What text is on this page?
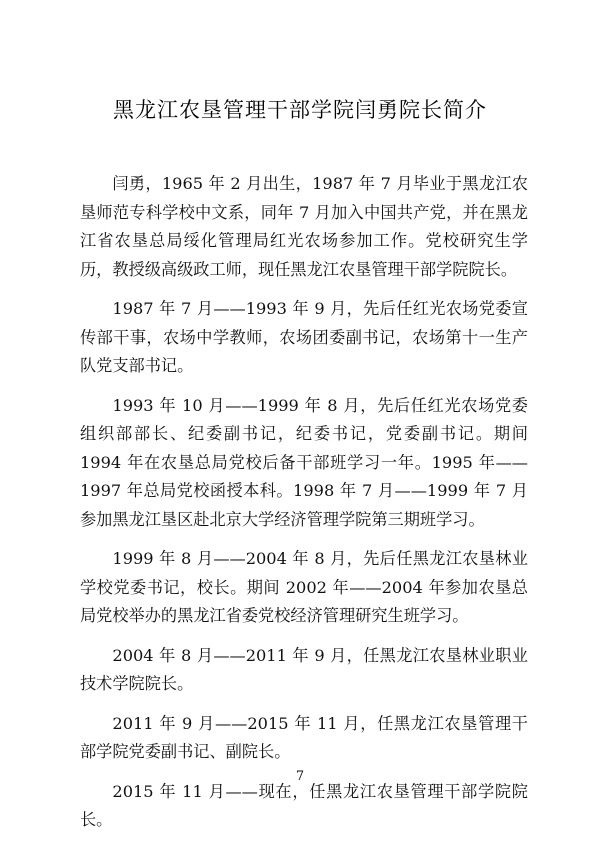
黑龙江农垦管理干部学院闫勇院长简介

闫勇，1965 年 2 月出生，1987 年 7 月毕业于黑龙江农垦师范专科学校中文系，同年 7 月加入中国共产党，并在黑龙江省农垦总局绥化管理局红光农场参加工作。党校研究生学历，教授级高级政工师，现任黑龙江农垦管理干部学院院长。

1987 年 7 月——1993 年 9 月，先后任红光农场党委宣传部干事，农场中学教师，农场团委副书记，农场第十一生产队党支部书记。

1993 年 10 月——1999 年 8 月，先后任红光农场党委组织部部长、纪委副书记，纪委书记，党委副书记。期间 1994 年在农垦总局党校后备干部班学习一年。1995 年——1997 年总局党校函授本科。1998 年 7 月——1999 年 7 月参加黑龙江垦区赴北京大学经济管理学院第三期班学习。

1999 年 8 月——2004 年 8 月，先后任黑龙江农垦林业学校党委书记，校长。期间 2002 年——2004 年参加农垦总局党校举办的黑龙江省委党校经济管理研究生班学习。

2004 年 8 月——2011 年 9 月，任黑龙江农垦林业职业技术学院院长。

2011 年 9 月——2015 年 11 月，任黑龙江农垦管理干部学院党委副书记、副院长。

2015 年 11 月——现在，任黑龙江农垦管理干部学院院长。

7
